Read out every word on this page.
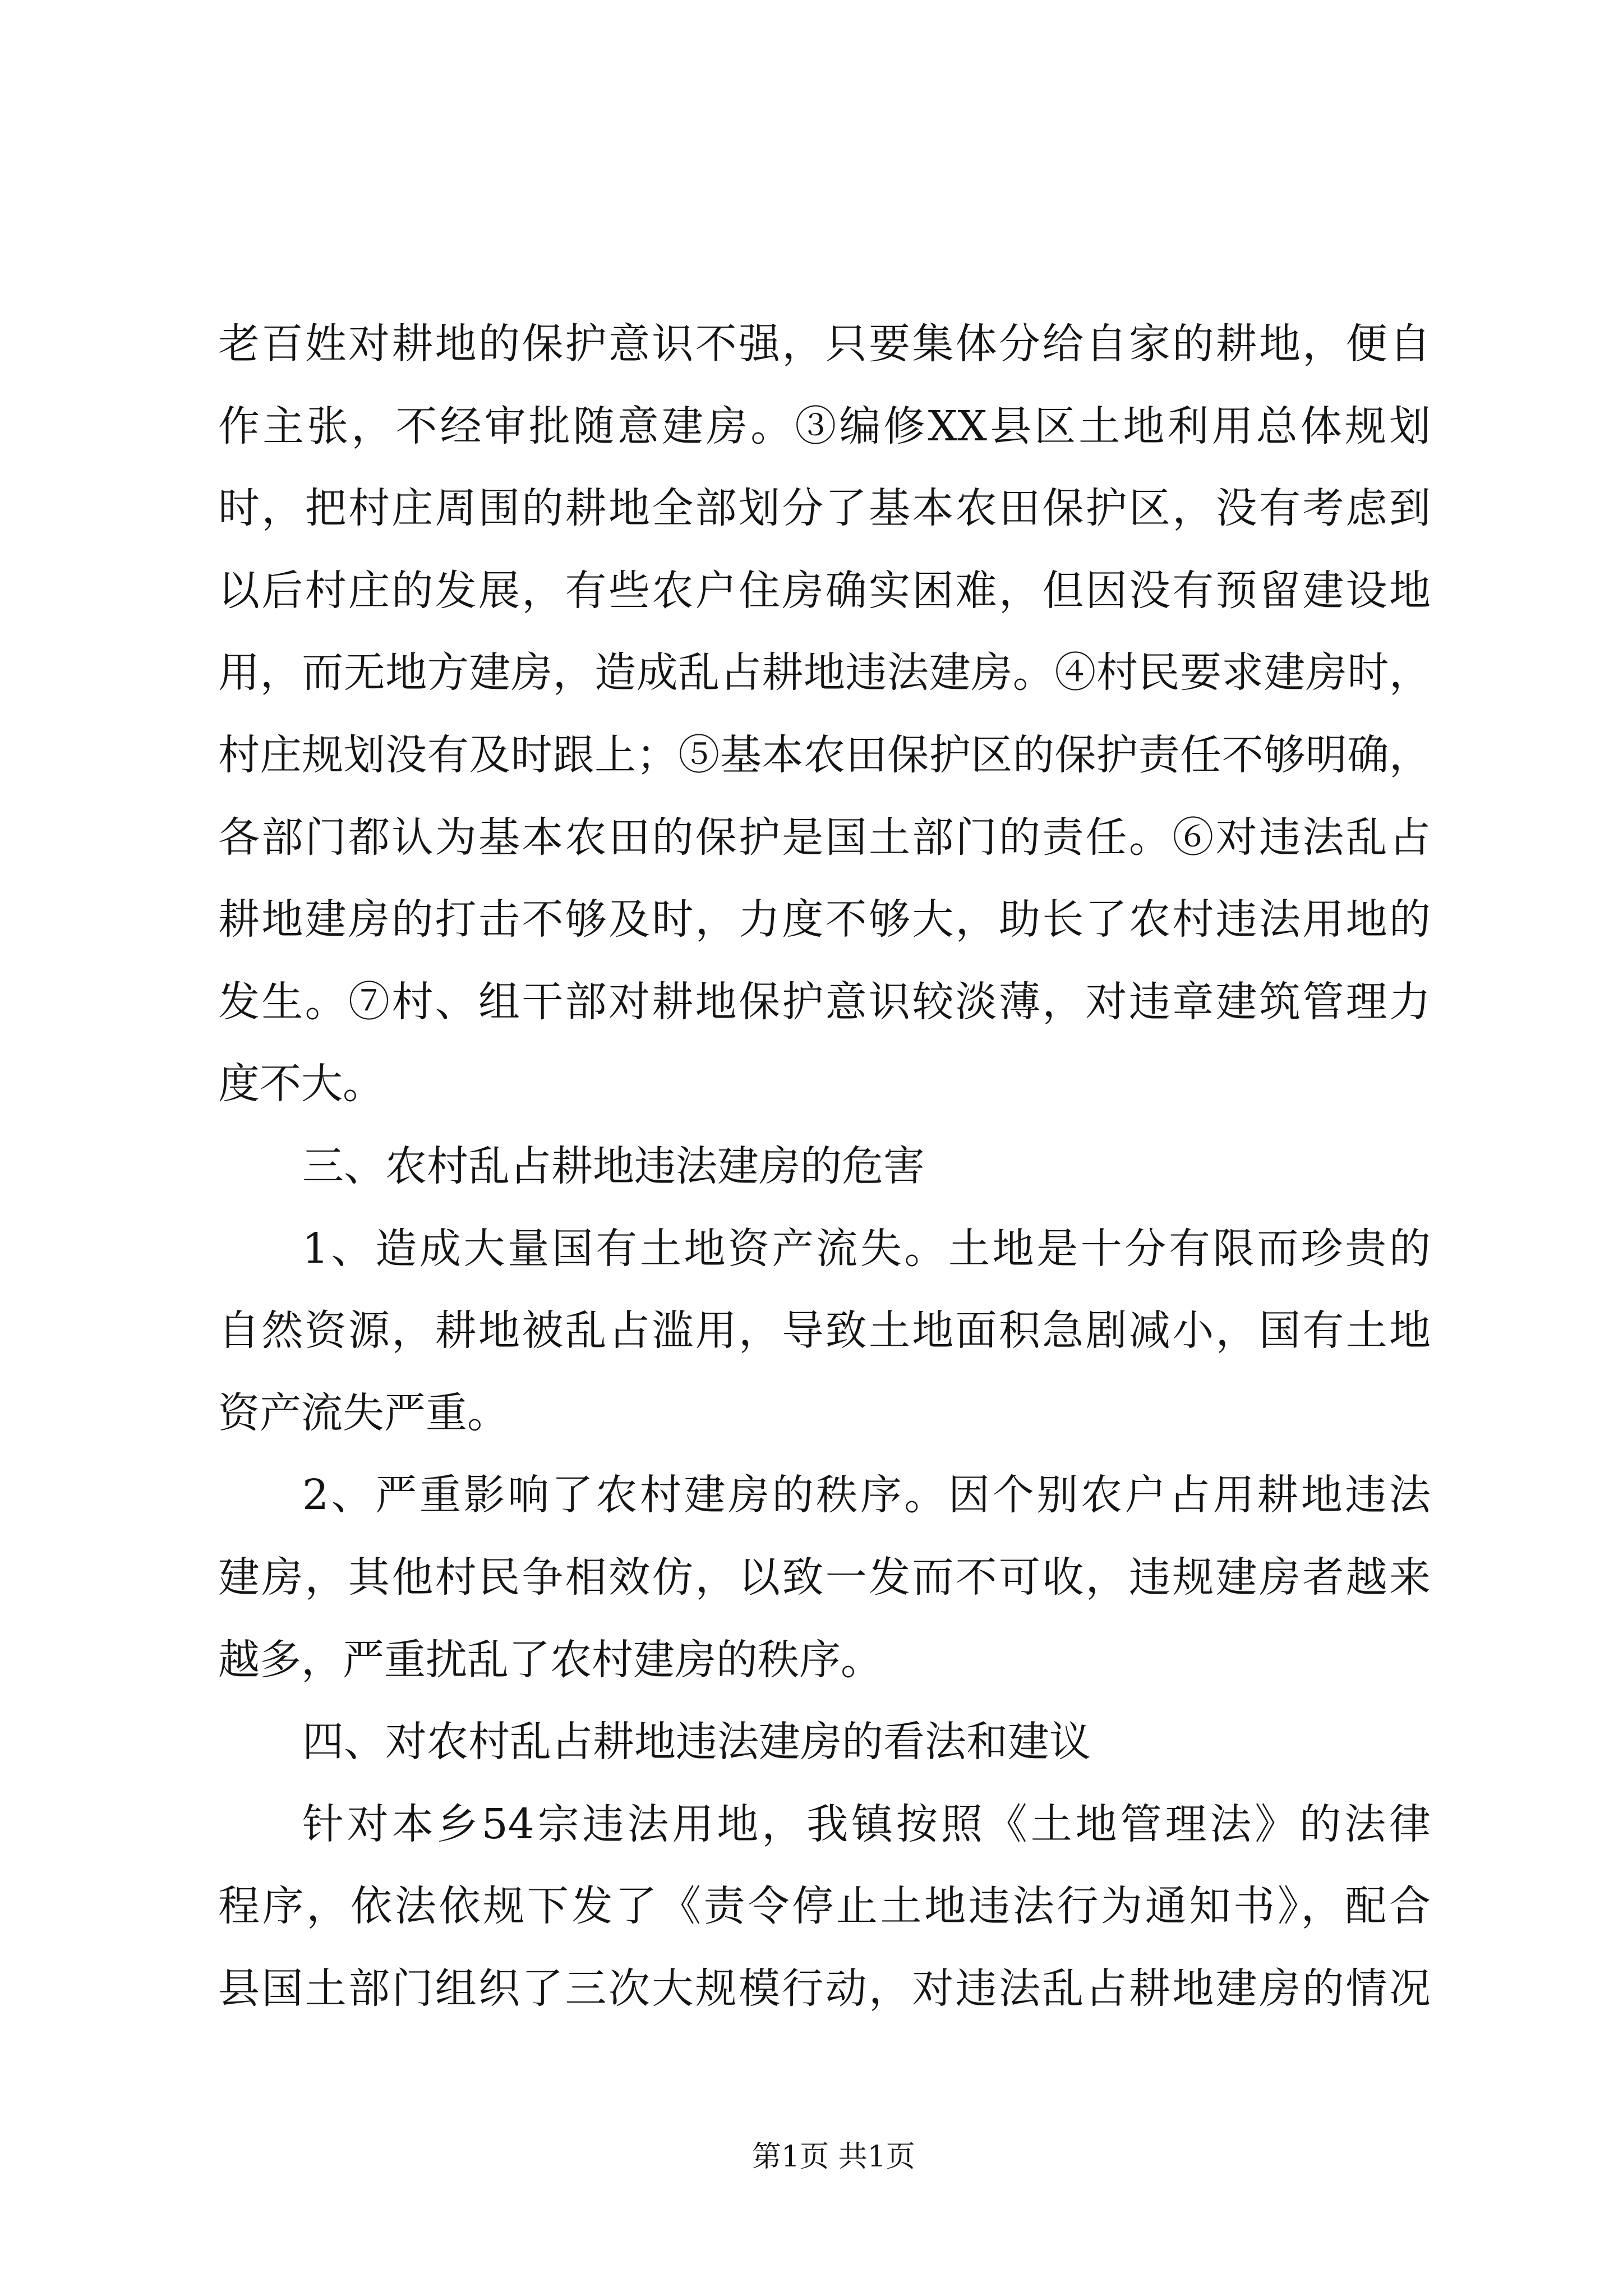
老百姓对耕地的保护意识不强，只要集体分给自家的耕地，便自
作主张，不经审批随意建房。③编修XX县区土地利用总体规划
时，把村庄周围的耕地全部划分了基本农田保护区，没有考虑到
以后村庄的发展，有些农户住房确实困难，但因没有预留建设地
用，而无地方建房，造成乱占耕地违法建房。④村民要求建房时，
村庄规划没有及时跟上；⑤基本农田保护区的保护责任不够明确，
各部门都认为基本农田的保护是国土部门的责任。⑥对违法乱占
耕地建房的打击不够及时，力度不够大，助长了农村违法用地的
发生。⑦村、组干部对耕地保护意识较淡薄，对违章建筑管理力
度不大。
三、农村乱占耕地违法建房的危害
1、造成大量国有土地资产流失。土地是十分有限而珍贵的
自然资源，耕地被乱占滥用，导致土地面积急剧减小，国有土地
资产流失严重。
2、严重影响了农村建房的秩序。因个别农户占用耕地违法
建房，其他村民争相效仿，以致一发而不可收，违规建房者越来
越多，严重扰乱了农村建房的秩序。
四、对农村乱占耕地违法建房的看法和建议
针对本乡54宗违法用地，我镇按照《土地管理法》的法律
程序，依法依规下发了《责令停止土地违法行为通知书》，配合
县国土部门组织了三次大规模行动，对违法乱占耕地建房的情况
第1页 共1页
